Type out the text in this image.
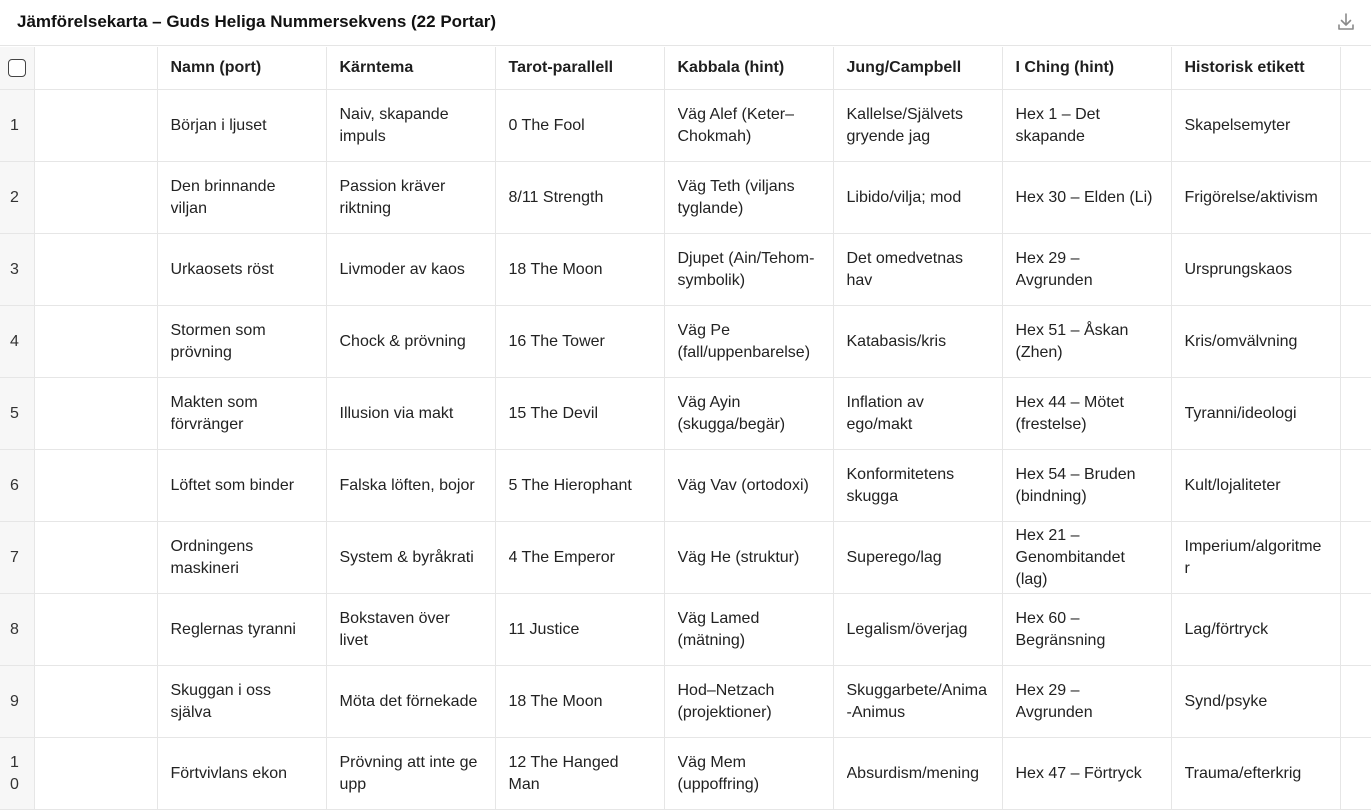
Jämförelsekarta – Guds Heliga Nummersekvens (22 Portar)
		Namn (port)	Kärntema	Tarot-parallell	Kabbala (hint)	Jung/Campbell	I Ching (hint)	Historisk etikett	
1		Början i ljuset	Naiv, skapande impuls	0 The Fool	Väg Alef (Keter–Chokmah)	Kallelse/Självets gryende jag	Hex 1 – Det skapande	Skapelsemyter	

2		Den brinnande viljan	Passion kräver riktning	8/11 Strength	Väg Teth (viljans tyglande)	Libido/vilja; mod	Hex 30 – Elden (Li)	Frigörelse/aktivism	

3		Urkaosets röst	Livmoder av kaos	18 The Moon	Djupet (Ain/Tehom-symbolik)	Det omedvetnas hav	Hex 29 – Avgrunden	Ursprungskaos	

4		Stormen som prövning	Chock & prövning	16 The Tower	Väg Pe (fall/uppenbarelse)	Katabasis/kris	Hex 51 – Åskan (Zhen)	Kris/omvälvning	

5		Makten som förvränger	Illusion via makt	15 The Devil	Väg Ayin (skugga/begär)	Inflation av ego/makt	Hex 44 – Mötet (frestelse)	Tyranni/ideologi	

6		Löftet som binder	Falska löften, bojor	5 The Hierophant	Väg Vav (ortodoxi)	Konformitetens skugga	Hex 54 – Bruden (bindning)	Kult/lojaliteter	

7		Ordningens maskineri	System & byråkrati	4 The Emperor	Väg He (struktur)	Superego/lag	Hex 21 – Genombitandet (lag)	Imperium/algoritmer	

8		Reglernas tyranni	Bokstaven över livet	11 Justice	Väg Lamed (mätning)	Legalism/överjag	Hex 60 – Begränsning	Lag/förtryck	

9		Skuggan i oss själva	Möta det förnekade	18 The Moon	Hod–Netzach (projektioner)	Skuggarbete/Anima-Animus	Hex 29 – Avgrunden	Synd/psyke	

10		Förtvivlans ekon	Prövning att inte ge upp	12 The Hanged Man	Väg Mem (uppoffring)	Absurdism/mening	Hex 47 – Förtryck	Trauma/efterkrig	
